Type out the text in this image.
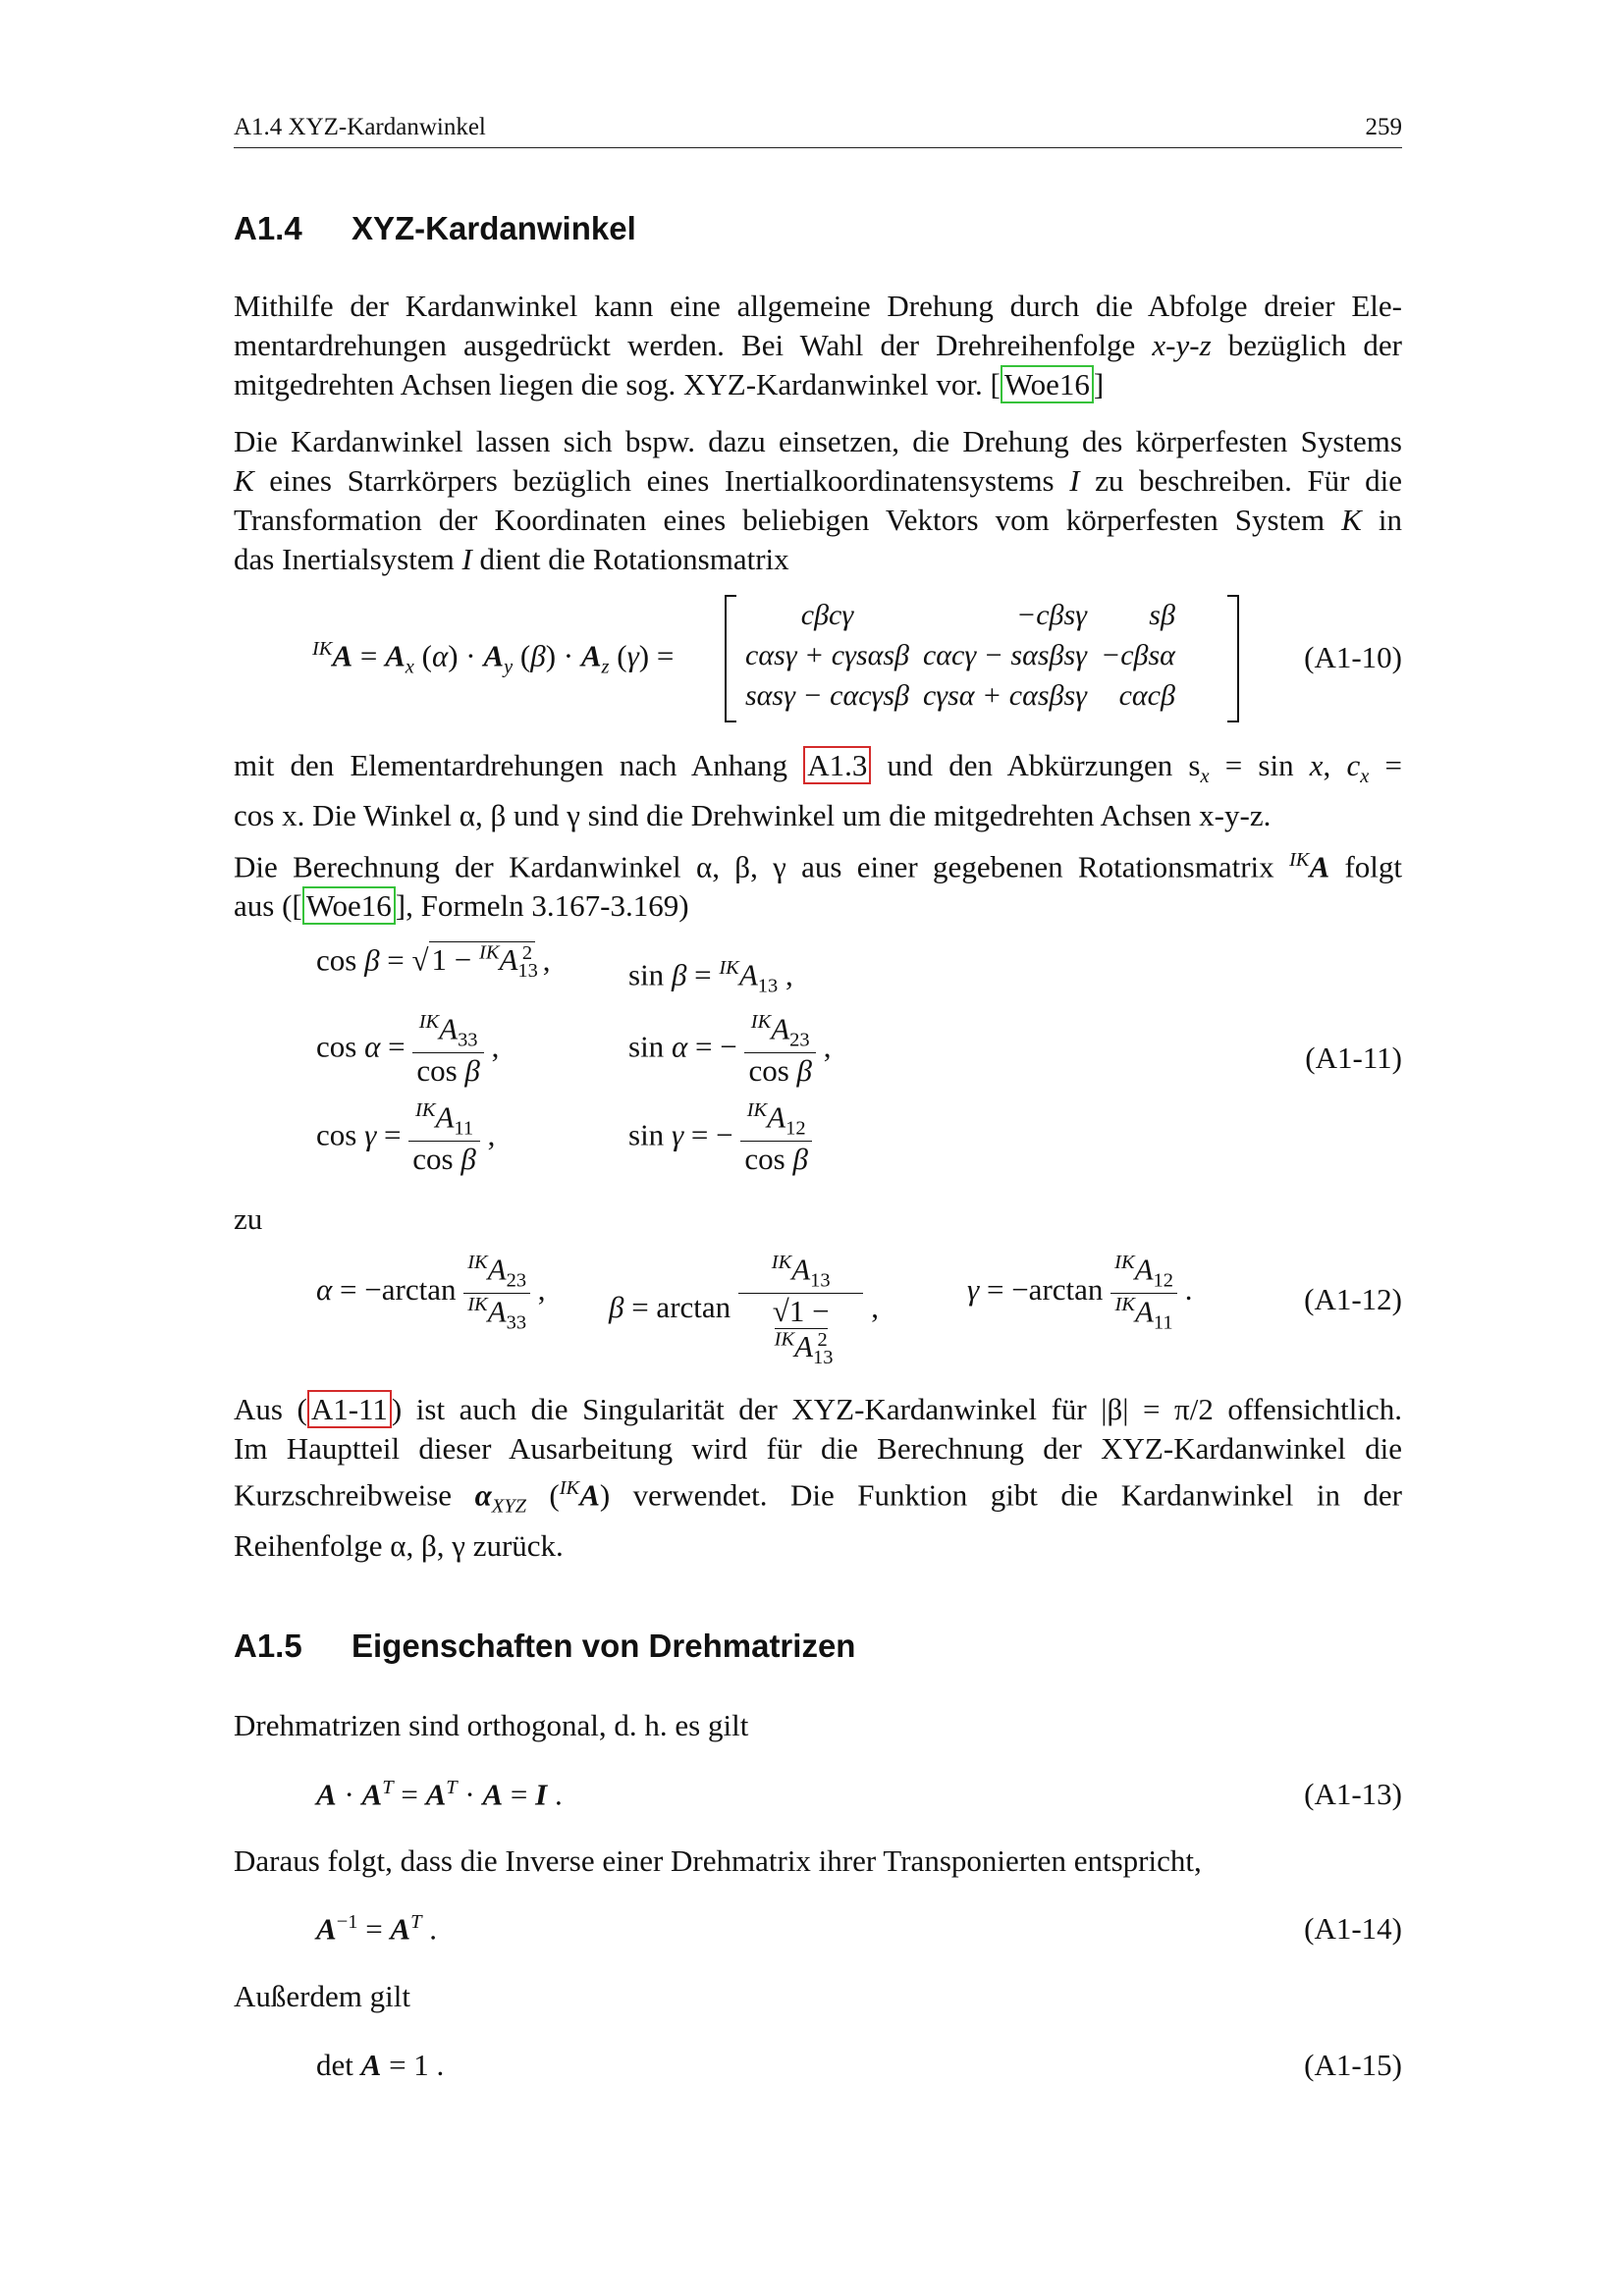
A1.4 XYZ-Kardanwinkel	259
A1.4 XYZ-Kardanwinkel
Mithilfe der Kardanwinkel kann eine allgemeine Drehung durch die Abfolge dreier Ele-
mentardrehungen ausgedrückt werden. Bei Wahl der Drehreihenfolge x-y-z bezüglich der
mitgedrehten Achsen liegen die sog. XYZ-Kardanwinkel vor. [ Woe16 ]
Die Kardanwinkel lassen sich bspw. dazu einsetzen, die Drehung des körperfesten Systems
K eines Starrkörpers bezüglich eines Inertialkoordinatensystems I zu beschreiben. Für die
Transformation der Koordinaten eines beliebigen Vektors vom körperfesten System K in
das Inertialsystem I dient die Rotationsmatrix
$^{IK}A = A_x$ $(\alpha) \cdot A_y$ $(\beta) \cdot A_z$ (γ) =
cβcγ	−cβsγ	sβ
cαsγ + cγsαsβ	cαcγ − sαsβsγ	−cβsα
sαsγ − cαcγsβ	cγsα + cαsβsγ	cαcβ
(A1-10)
mit den Elementardrehungen nach Anhang A1.3 und den Abkürzungen $s_x = \sin x$, $c_x$ =
cos x. Die Winkel α, β und γ sind die Drehwinkel um die mitgedrehten Achsen x-y-z.
Die Berechnung der Kardanwinkel α, β, γ aus einer gegebenen Rotationsmatrix $^{IK}$A folgt
aus ([ Woe16 ], Formeln 3.167-3.169)
$\cos \beta = √1 - ^{IK}A_{13}^2$ ,	$\sin \beta = ^{IK}A_{13}$ ,
$\cos \alpha = \frac{^{IK}A_{33}}{\text{cos β}}$ ,	sin α = − $\frac{^{IK}A_{23}}{\text{cos β}}$ ,	(A1-11)
$\cos \gamma = \frac{^{IK}A_{11}}{\text{cos β}}$ ,	sin γ = − $\frac{^{IK}A_{12}}{\text{cos β}}$
zu
$\alpha = -\arctan \frac{^{IK}A_{23}}{^{IK}A_{33}}$ ,
$\beta = \arctan \frac{^{IK}A_{13}}{√1 - ^{IK}A_{13}^2}$ ,
$\gamma = -\arctan \frac{^{IK}A_{12}}{^{IK}A_{11}}$ .	(A1-12)
Aus ( A1-11 ) ist auch die Singularität der XYZ-Kardanwinkel für |β| = π/2 offensichtlich.
Im Hauptteil dieser Ausarbeitung wird für die Berechnung der XYZ-Kardanwinkel die
Kurzschreibweise $\alpha_{XYZ}$ ($^{IK}$A) verwendet. Die Funktion gibt die Kardanwinkel in der
Reihenfolge α, β, γ zurück.
A1.5 Eigenschaften von Drehmatrizen
Drehmatrizen sind orthogonal, d. h. es gilt
$A \cdot A^T = A^T \cdot A = I$ .	(A1-13)
Daraus folgt, dass die Inverse einer Drehmatrix ihrer Transponierten entspricht,
$A^{-1} = A^T$ .	(A1-14)
Außerdem gilt
det A = 1 .	(A1-15)
